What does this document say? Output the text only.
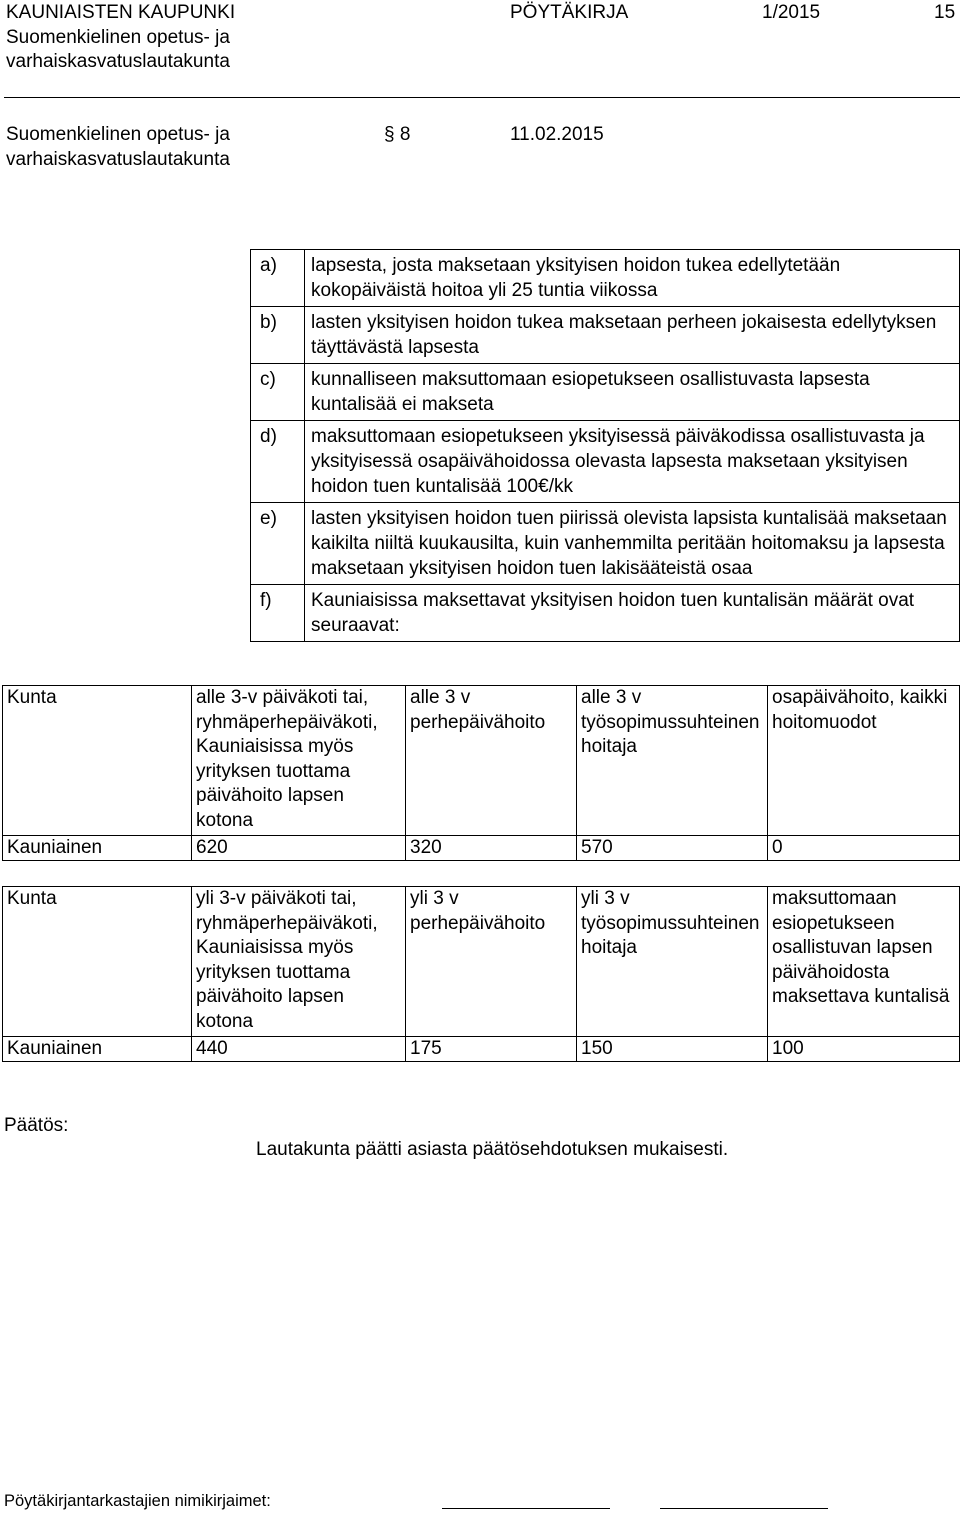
KAUNIAISTEN KAUPUNKI Suomenkielinen opetus- ja varhaiskasvatuslautakunta
PÖYTÄKIRJA	1/2015	15
Suomenkielinen opetus- ja varhaiskasvatuslautakunta
§ 8	11.02.2015
a)	lapsesta, josta maksetaan yksityisen hoidon tukea edellytetään kokopäiväistä hoitoa yli 25 tuntia viikossa
b)	lasten yksityisen hoidon tukea maksetaan perheen jokaisesta edellytyksen täyttävästä lapsesta
c)	kunnalliseen maksuttomaan esiopetukseen osallistuvasta lapsesta kuntalisää ei makseta
d)	maksuttomaan esiopetukseen yksityisessä päiväkodissa osallistuvasta ja yksityisessä osapäivähoidossa olevasta lapsesta maksetaan yksityisen hoidon tuen kuntalisää 100€/kk
e)	lasten yksityisen hoidon tuen piirissä olevista lapsista kuntalisää maksetaan kaikilta niiltä kuukausilta, kuin vanhemmilta peritään hoitomaksu ja lapsesta maksetaan yksityisen hoidon tuen lakisääteistä osaa
f)	Kauniaisissa maksettavat yksityisen hoidon tuen kuntalisän määrät ovat seuraavat:
Kunta	alle 3-v päiväkoti tai, ryhmäperhepäiväkoti, Kauniaisissa myös yrityksen tuottama päivähoito lapsen kotona	alle 3 v perhepäivähoito	alle 3 v työsopimussuhteinen hoitaja	osapäivähoito, kaikki hoitomuodot
Kauniainen	620	320	570	0
Kunta	yli 3-v päiväkoti tai, ryhmäperhepäiväkoti, Kauniaisissa myös yrityksen tuottama päivähoito lapsen kotona	yli 3 v perhepäivähoito	yli 3 v työsopimussuhteinen hoitaja	maksuttomaan esiopetukseen osallistuvan lapsen päivähoidosta maksettava kuntalisä
Kauniainen	440	175	150	100
Päätös:
Lautakunta päätti asiasta päätösehdotuksen mukaisesti.
Pöytäkirjantarkastajien nimikirjaimet:
